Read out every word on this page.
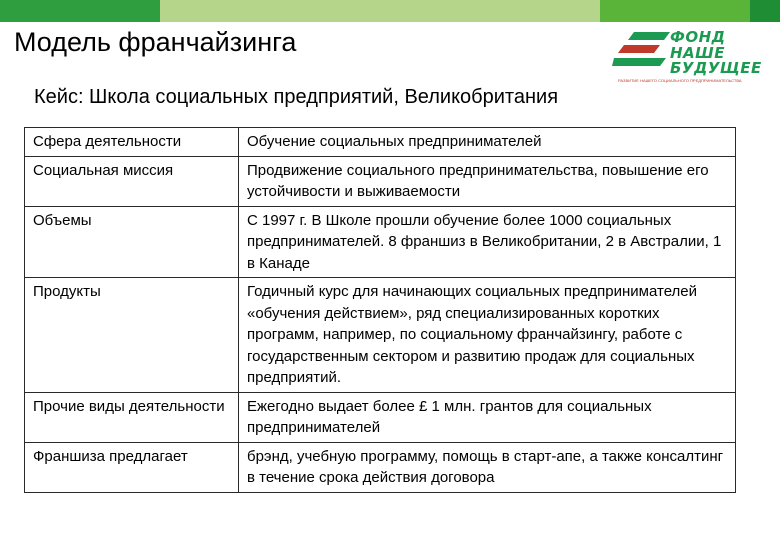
Модель франчайзинга	ФОНД
НАШЕ
БУДУЩЕЕ
РАЗВИТИЕ НАШЕГО СОЦИАЛЬНОГО ПРЕДПРИНИМАТЕЛЬСТВА
Кейс: Школа социальных предприятий, Великобритания
Сфера деятельности	Обучение социальных предпринимателей
Социальная миссия	Продвижение социального предпринимательства, повышение его устойчивости и выживаемости
Объемы	С 1997 г. В Школе прошли обучение более 1000 социальных предпринимателей. 8 франшиз в Великобритании, 2 в Австралии, 1 в Канаде
Продукты	Годичный курс для начинающих социальных предпринимателей «обучения действием», ряд специализированных коротких программ, например, по социальному франчайзингу, работе с государственным сектором и развитию продаж для социальных предприятий.
Прочие виды деятельности	Ежегодно выдает более £ 1 млн. грантов для социальных предпринимателей
Франшиза предлагает	брэнд, учебную программу, помощь в старт-апе, а также консалтинг в течение срока действия договора
